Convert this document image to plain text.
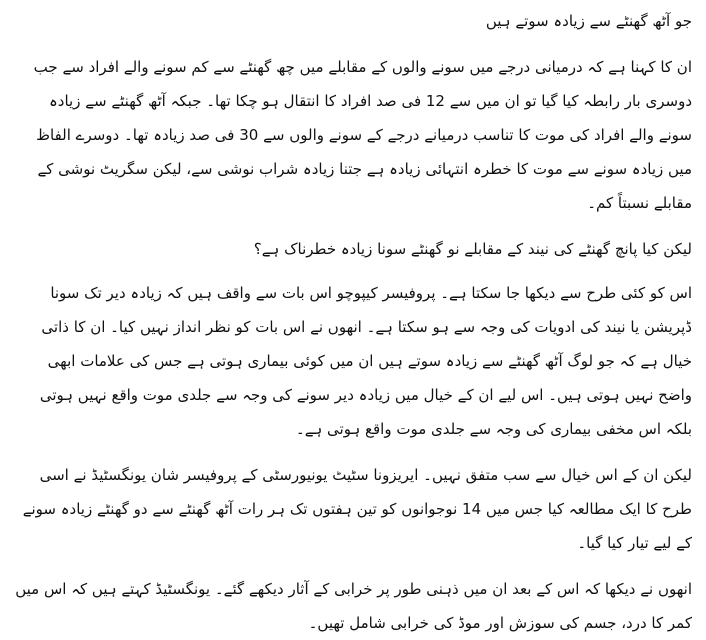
جو آٹھ گھنٹے سے زیادہ سوتے ہیں

ان کا کہنا ہے کہ درمیانی درجے میں سونے والوں کے مقابلے میں چھ گھنٹے سے کم سونے والے افراد سے جب دوسری بار رابطہ کیا گیا تو ان میں سے 12 فی صد افراد کا انتقال ہو چکا تھا۔ جبکہ آٹھ گھنٹے سے زیادہ سونے والے افراد کی موت کا تناسب درمیانے درجے کے سونے والوں سے 30 فی صد زیادہ تھا۔ دوسرے الفاظ میں زیادہ سونے سے موت کا خطرہ انتہائی زیادہ ہے جتنا زیادہ شراب نوشی سے، لیکن سگریٹ نوشی کے مقابلے نسبتاً کم۔

لیکن کیا پانچ گھنٹے کی نیند کے مقابلے نو گھنٹے سونا زیادہ خطرناک ہے؟

اس کو کئی طرح سے دیکھا جا سکتا ہے۔ پروفیسر کیپوچو اس بات سے واقف ہیں کہ زیادہ دیر تک سونا ڈپریشن یا نیند کی ادویات کی وجہ سے ہو سکتا ہے۔ انھوں نے اس بات کو نظر انداز نہیں کیا۔ ان کا ذاتی خیال ہے کہ جو لوگ آٹھ گھنٹے سے زیادہ سوتے ہیں ان میں کوئی بیماری ہوتی ہے جس کی علامات ابھی واضح نہیں ہوتی ہیں۔ اس لیے ان کے خیال میں زیادہ دیر سونے کی وجہ سے جلدی موت واقع نہیں ہوتی بلکہ اس مخفی بیماری کی وجہ سے جلدی موت واقع ہوتی ہے۔

لیکن ان کے اس خیال سے سب متفق نہیں۔ ایریزونا سٹیٹ یونیورسٹی کے پروفیسر شان یونگسٹیڈ نے اسی طرح کا ایک مطالعہ کیا جس میں 14 نوجوانوں کو تین ہفتوں تک ہر رات آٹھ گھنٹے سے دو گھنٹے زیادہ سونے کے لیے تیار کیا گیا۔

انھوں نے دیکھا کہ اس کے بعد ان میں ذہنی طور پر خرابی کے آثار دیکھے گئے۔ یونگسٹیڈ کہتے ہیں کہ اس میں کمر کا درد، جسم کی سوزش اور موڈ کی خرابی شامل تھیں۔
